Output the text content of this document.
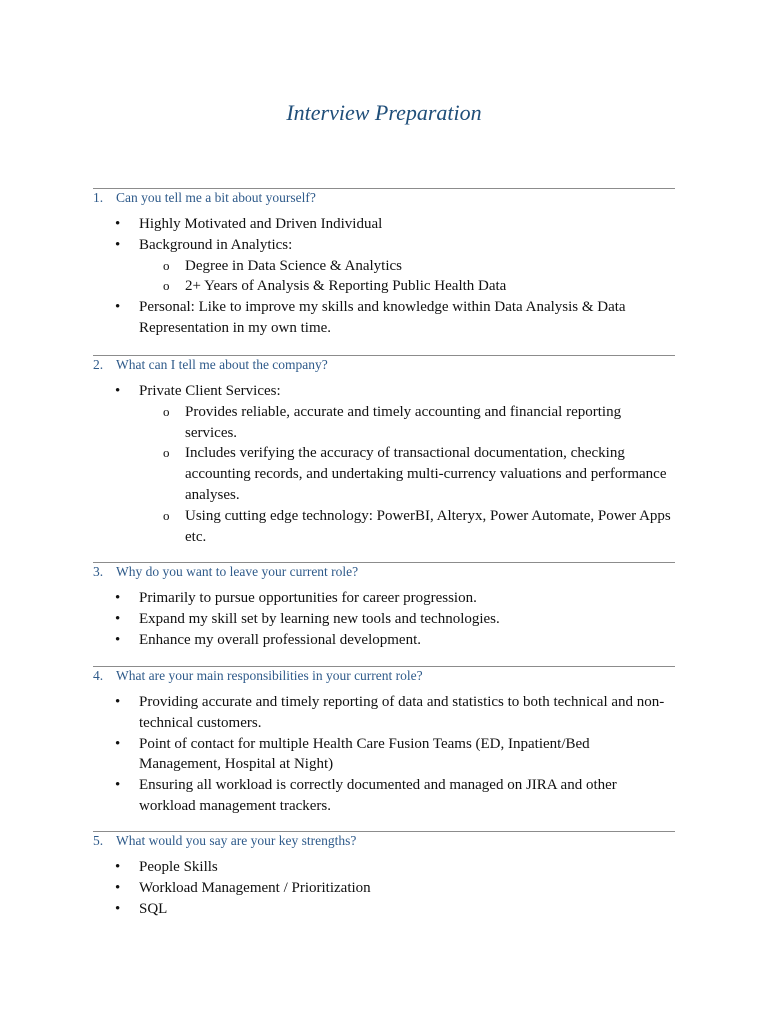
Interview Preparation
1. Can you tell me a bit about yourself?
• Highly Motivated and Driven Individual
• Background in Analytics:
o Degree in Data Science & Analytics
o 2+ Years of Analysis & Reporting Public Health Data
• Personal: Like to improve my skills and knowledge within Data Analysis & Data Representation in my own time.
2. What can I tell me about the company?
• Private Client Services:
o Provides reliable, accurate and timely accounting and financial reporting services.
o Includes verifying the accuracy of transactional documentation, checking accounting records, and undertaking multi-currency valuations and performance analyses.
o Using cutting edge technology: PowerBI, Alteryx, Power Automate, Power Apps etc.
3. Why do you want to leave your current role?
• Primarily to pursue opportunities for career progression.
• Expand my skill set by learning new tools and technologies.
• Enhance my overall professional development.
4. What are your main responsibilities in your current role?
• Providing accurate and timely reporting of data and statistics to both technical and non-technical customers.
• Point of contact for multiple Health Care Fusion Teams (ED, Inpatient/Bed Management, Hospital at Night)
• Ensuring all workload is correctly documented and managed on JIRA and other workload management trackers.
5. What would you say are your key strengths?
• People Skills
• Workload Management / Prioritization
• SQL
